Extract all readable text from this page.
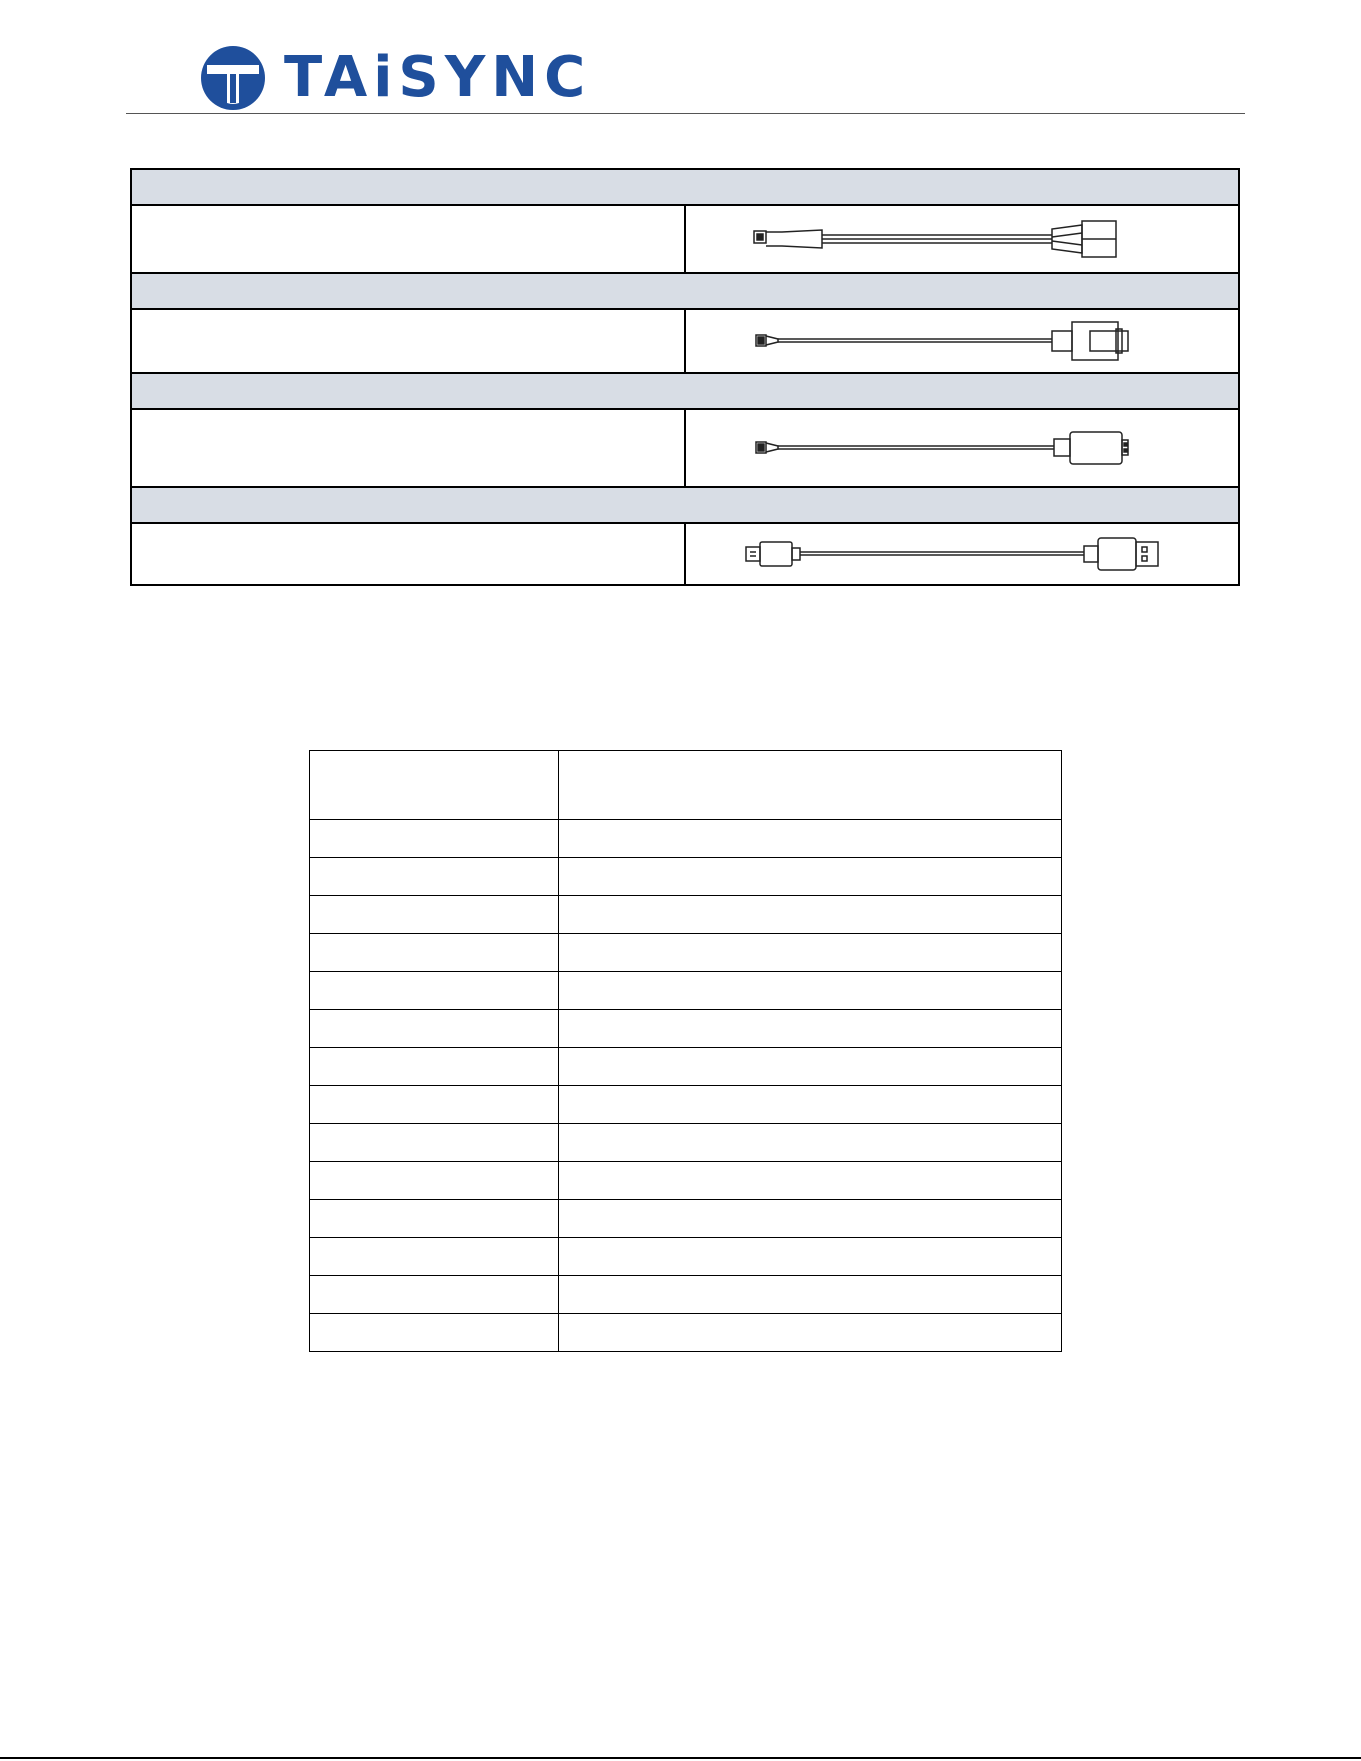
TAiSYNC
